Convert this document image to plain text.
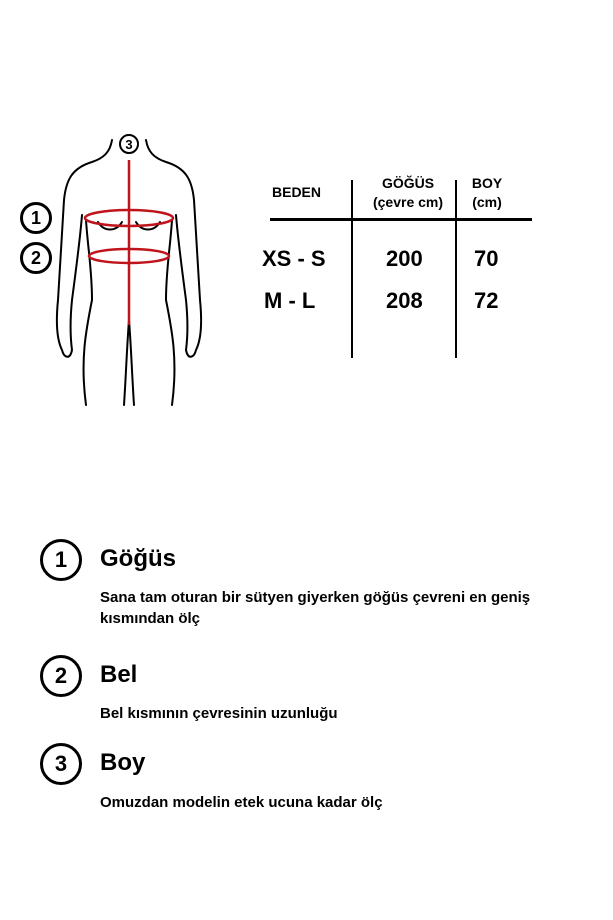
1
2
3
BEDEN
GÖĞÜS
(çevre cm)
BOY
(cm)
XS - S	200 70
M - L	208 72
1	Göğüs
Sana tam oturan bir sütyen giyerken göğüs çevreni en geniş kısmından ölç
2	Bel
Bel kısmının çevresinin uzunluğu
3	Boy
Omuzdan modelin etek ucuna kadar ölç
